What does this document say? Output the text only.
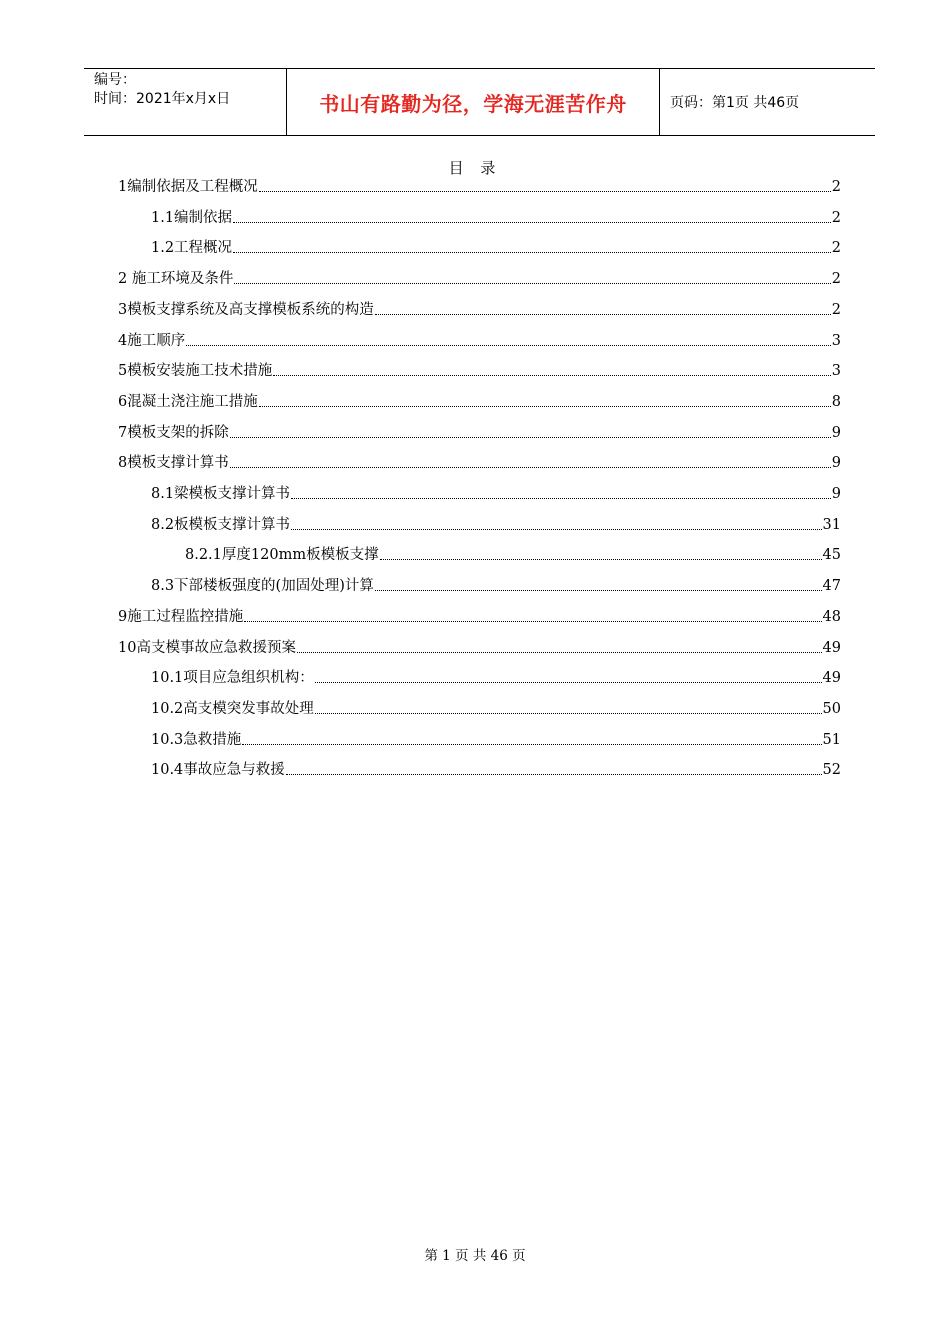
编号：
时间：2021年x月x日	书山有路勤为径，学海无涯苦作舟	页码：第1页 共46页
目 录
1编制依据及工程概况	2
1.1编制依据	2
1.2工程概况	2
2 施工环境及条件	2
3模板支撑系统及高支撑模板系统的构造	2
4施工顺序	3
5模板安装施工技术措施	3
6混凝土浇注施工措施	8
7模板支架的拆除	9
8模板支撑计算书	9
8.1梁模板支撑计算书	9
8.2板模板支撑计算书	31
8.2.1厚度120mm板模板支撑	45
8.3下部楼板强度的(加固处理)计算	47
9施工过程监控措施	48
10高支模事故应急救援预案	49
10.1项目应急组织机构：	49
10.2高支模突发事故处理	50
10.3急救措施	51
10.4事故应急与救援	52
第 1 页 共 46 页
